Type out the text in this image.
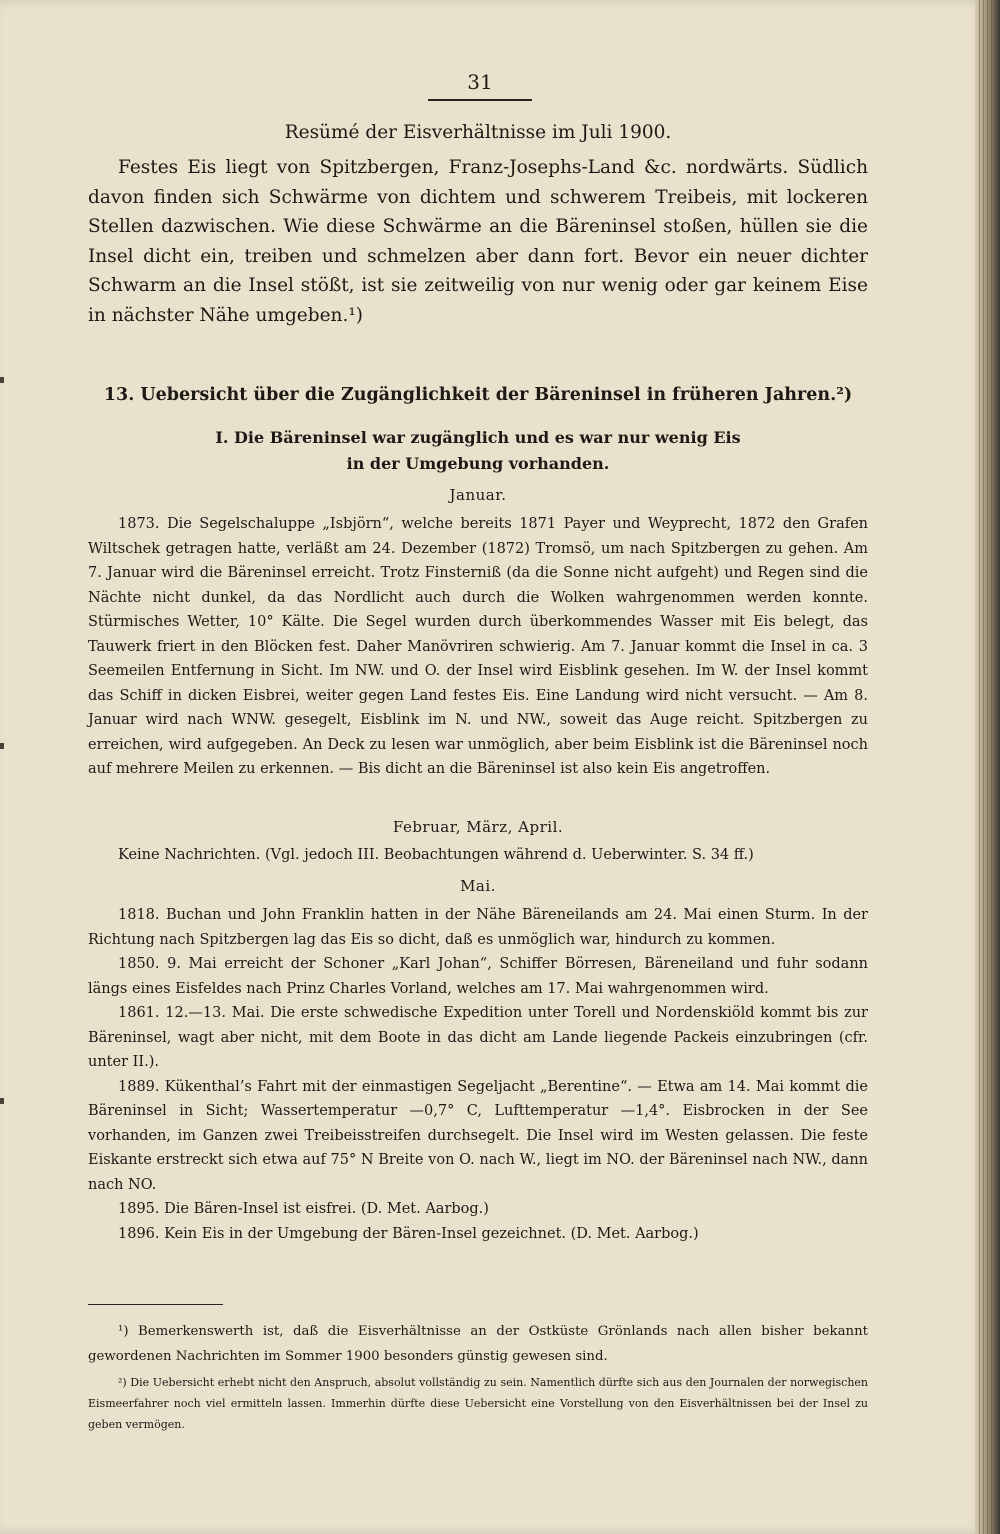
31
Resümé der Eisverhältnisse im Juli 1900.

Festes Eis liegt von Spitzbergen, Franz-Josephs-Land &c. nordwärts. Südlich davon finden sich Schwärme von dichtem und schwerem Treibeis, mit lockeren Stellen dazwischen. Wie diese Schwärme an die Bäreninsel stoßen, hüllen sie die Insel dicht ein, treiben und schmelzen aber dann fort. Bevor ein neuer dichter Schwarm an die Insel stößt, ist sie zeitweilig von nur wenig oder gar keinem Eise in nächster Nähe umgeben.¹)

13. Uebersicht über die Zugänglichkeit der Bäreninsel in früheren Jahren.²)
I. Die Bäreninsel war zugänglich und es war nur wenig Eis
in der Umgebung vorhanden.
Januar.

1873. Die Segelschaluppe „Isbjörn“, welche bereits 1871 Payer und Weyprecht, 1872 den Grafen Wiltschek getragen hatte, verläßt am 24. Dezember (1872) Tromsö, um nach Spitzbergen zu gehen. Am 7. Januar wird die Bäreninsel erreicht. Trotz Finsterniß (da die Sonne nicht aufgeht) und Regen sind die Nächte nicht dunkel, da das Nordlicht auch durch die Wolken wahrgenommen werden konnte. Stürmisches Wetter, 10° Kälte. Die Segel wurden durch überkommendes Wasser mit Eis belegt, das Tauwerk friert in den Blöcken fest. Daher Manövriren schwierig. Am 7. Januar kommt die Insel in ca. 3 Seemeilen Entfernung in Sicht. Im NW. und O. der Insel wird Eisblink gesehen. Im W. der Insel kommt das Schiff in dicken Eisbrei, weiter gegen Land festes Eis. Eine Landung wird nicht versucht. — Am 8. Januar wird nach WNW. gesegelt, Eisblink im N. und NW., soweit das Auge reicht. Spitzbergen zu erreichen, wird aufgegeben. An Deck zu lesen war unmöglich, aber beim Eisblink ist die Bäreninsel noch auf mehrere Meilen zu erkennen. — Bis dicht an die Bäreninsel ist also kein Eis angetroffen.

Februar, März, April.

Keine Nachrichten. (Vgl. jedoch III. Beobachtungen während d. Ueberwinter. S. 34 ff.)

Mai.

1818. Buchan und John Franklin hatten in der Nähe Bäreneilands am 24. Mai einen Sturm. In der Richtung nach Spitzbergen lag das Eis so dicht, daß es unmöglich war, hindurch zu kommen.

1850. 9. Mai erreicht der Schoner „Karl Johan“, Schiffer Börresen, Bäreneiland und fuhr sodann längs eines Eisfeldes nach Prinz Charles Vorland, welches am 17. Mai wahrgenommen wird.

1861. 12.—13. Mai. Die erste schwedische Expedition unter Torell und Nordenskiöld kommt bis zur Bäreninsel, wagt aber nicht, mit dem Boote in das dicht am Lande liegende Packeis einzubringen (cfr. unter II.).

1889. Kükenthal’s Fahrt mit der einmastigen Segeljacht „Berentine“. — Etwa am 14. Mai kommt die Bäreninsel in Sicht; Wassertemperatur —0,7° C, Lufttemperatur —1,4°. Eisbrocken in der See vorhanden, im Ganzen zwei Treibeisstreifen durchsegelt. Die Insel wird im Westen gelassen. Die feste Eiskante erstreckt sich etwa auf 75° N Breite von O. nach W., liegt im NO. der Bäreninsel nach NW., dann nach NO.

1895. Die Bären-Insel ist eisfrei. (D. Met. Aarbog.)

1896. Kein Eis in der Umgebung der Bären-Insel gezeichnet. (D. Met. Aarbog.)

¹) Bemerkenswerth ist, daß die Eisverhältnisse an der Ostküste Grönlands nach allen bisher bekannt gewordenen Nachrichten im Sommer 1900 besonders günstig gewesen sind.

²) Die Uebersicht erhebt nicht den Anspruch, absolut vollständig zu sein. Namentlich dürfte sich aus den Journalen der norwegischen Eismeerfahrer noch viel ermitteln lassen. Immerhin dürfte diese Uebersicht eine Vorstellung von den Eisverhältnissen bei der Insel zu geben vermögen.
